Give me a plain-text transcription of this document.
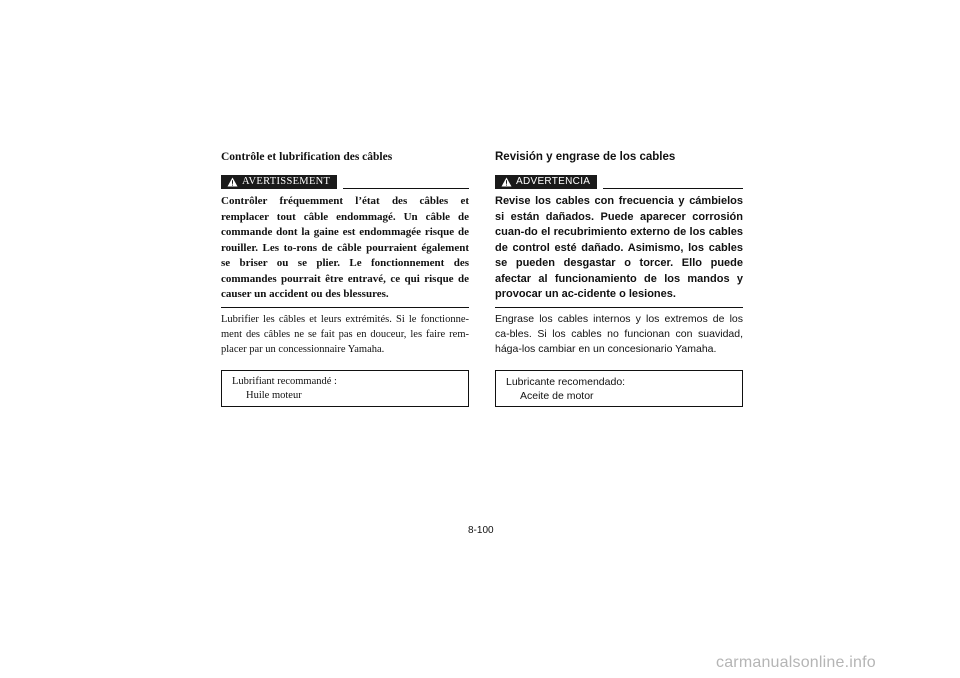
Contrôle et lubrification des câbles
AVERTISSEMENT
Contrôler fréquemment l’état des câbles et remplacer tout câble endommagé. Un câble de commande dont la gaine est endommagée risque de rouiller. Les to-rons de câble pourraient également se briser ou se plier. Le fonctionnement des commandes pourrait être entravé, ce qui risque de causer un accident ou des blessures.
Lubrifier les câbles et leurs extrémités. Si le fonctionne-ment des câbles ne se fait pas en douceur, les faire rem-placer par un concessionnaire Yamaha.
Lubrifiant recommandé :
Huile moteur
Revisión y engrase de los cables
ADVERTENCIA
Revise los cables con frecuencia y cámbielos si están dañados. Puede aparecer corrosión cuan-do el recubrimiento externo de los cables de control esté dañado. Asimismo, los cables se pueden desgastar o torcer. Ello puede afectar al funcionamiento de los mandos y provocar un ac-cidente o lesiones.
Engrase los cables internos y los extremos de los ca-bles. Si los cables no funcionan con suavidad, hága-los cambiar en un concesionario Yamaha.
Lubricante recomendado:
Aceite de motor
8-100
carmanualsonline.info
